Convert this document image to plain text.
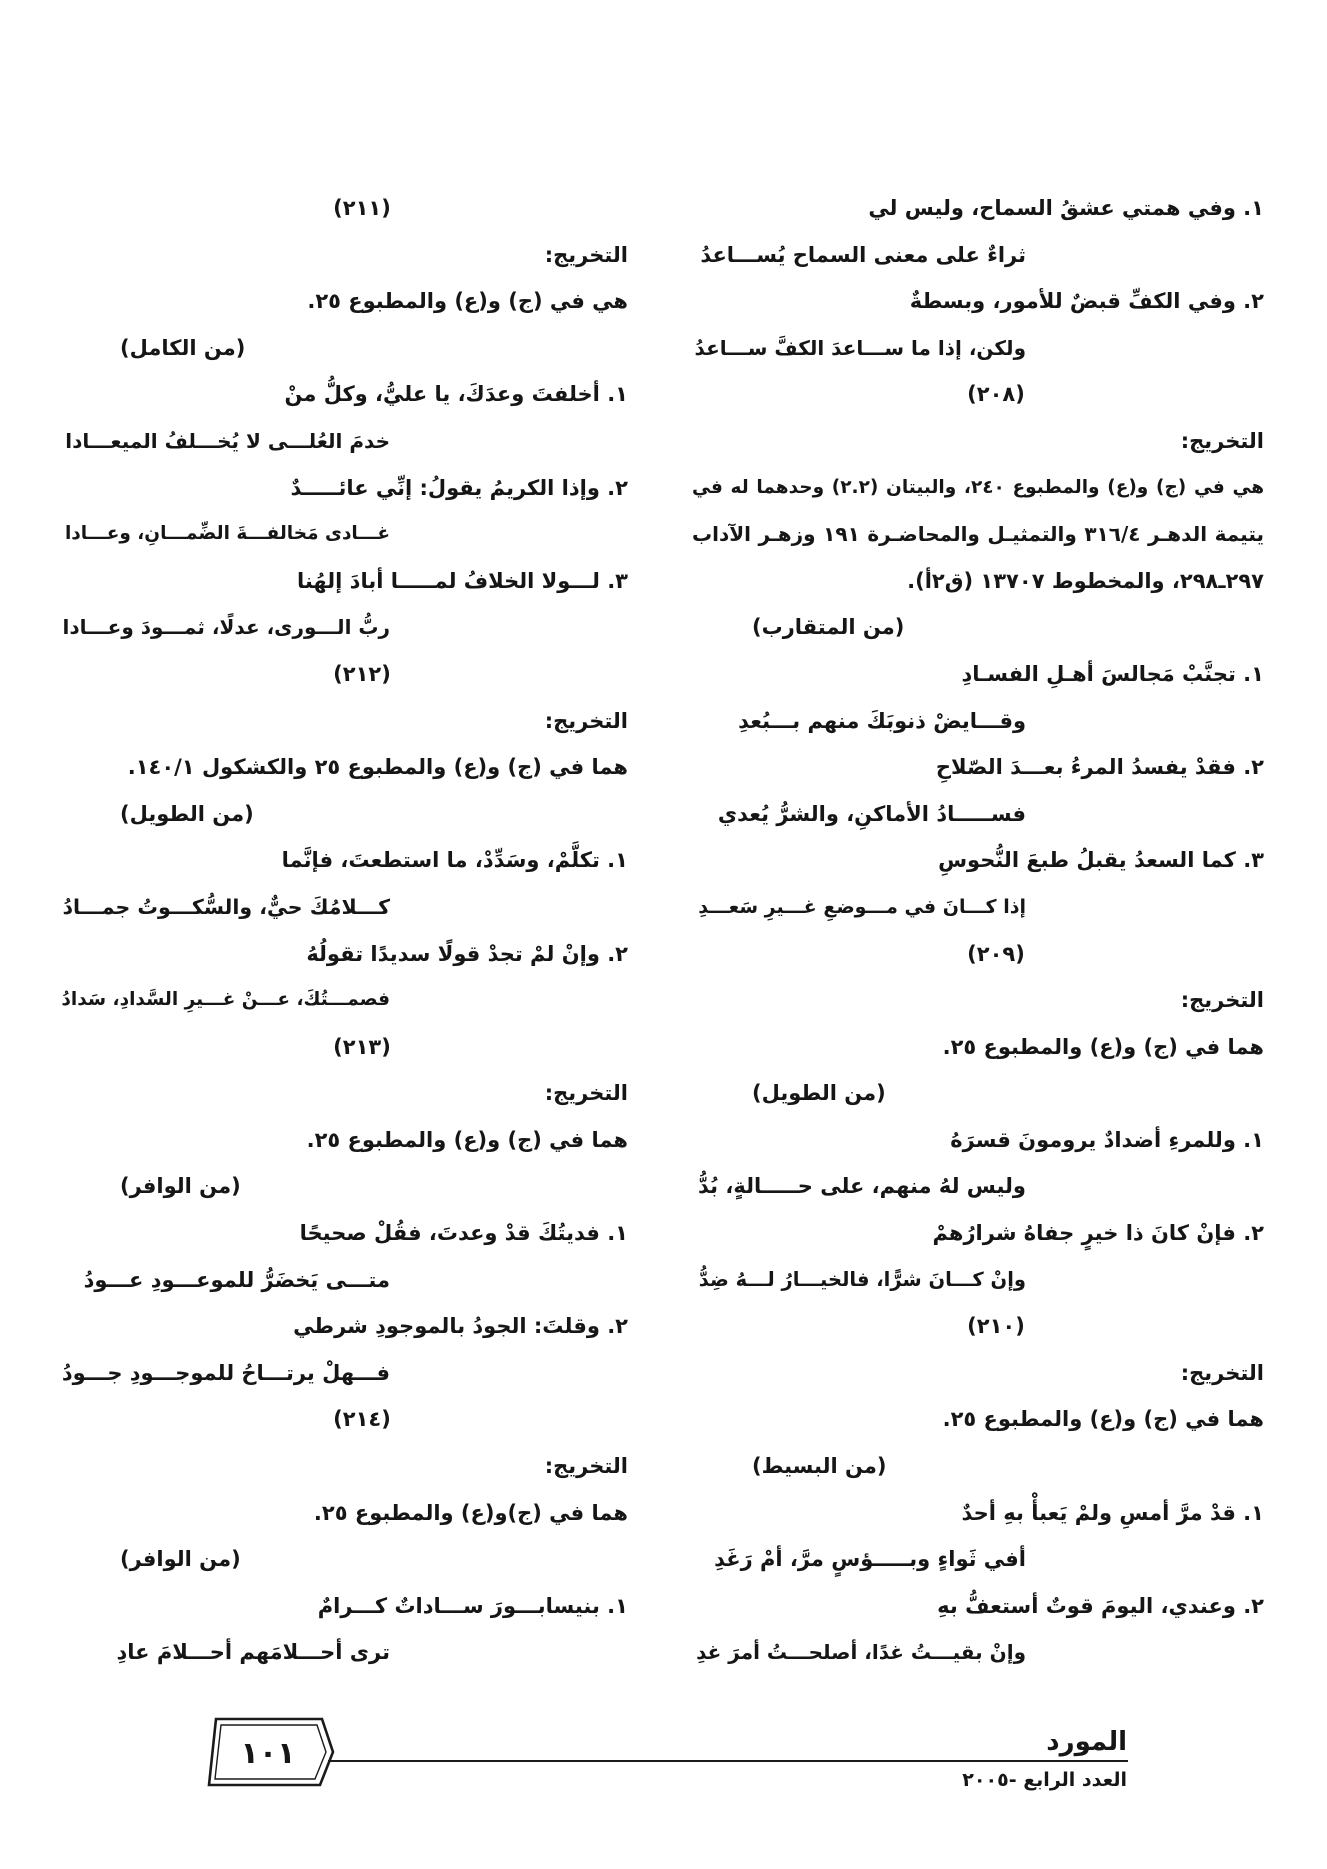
١. وفي همتي عشقُ السماح، وليس لي
ثراءٌ على معنى السماح يُســـاعدُ
٢. وفي الكفِّ قبضٌ للأمور، وبسطةٌ
ولكن، إذا ما ســـاعدَ الكفَّ ســـاعدُ
(٢٠٨)
التخريج:
هي في (ج) و(ع) والمطبوع ٢٤٠، والبيتان (٢.٢) وحدهما له في
يتيمة الدهـر ٣١٦/٤ والتمثيـل والمحاضـرة ١٩١ وزهـر الآداب
٢٩٧ـ٢٩٨، والمخطوط ١٣٧٠٧ (ق٢أ).
(من المتقارب)
١. تجنَّبْ مَجالسَ أهـلِ الفسـادِ
وقـــايضْ ذنوبَكَ منهم بـــبُعدِ
٢. فقدْ يفسدُ المرءُ بعـــدَ الصّلاحِ
فســـــادُ الأماكنِ، والشرُّ يُعدي
٣. كما السعدُ يقبلُ طبعَ النُّحوسِ
إذا كـــانَ في مـــوضعِ غـــيرِ سَعـــدِ
(٢٠٩)
التخريج:
هما في (ج) و(ع) والمطبوع ٢٥.
(من الطويل)
١. وللمرءِ أضدادٌ يرومونَ قسرَهُ
وليس لهُ منهم، على حـــــالةٍ، بُدُّ
٢. فإنْ كانَ ذا خيرٍ جفاهُ شرارُهمْ
وإنْ كـــانَ شرًّا، فالخيـــارُ لـــهُ ضِدُّ
(٢١٠)
التخريج:
هما في (ج) و(ع) والمطبوع ٢٥.
(من البسيط)
١. قدْ مرَّ أمسِ ولمْ يَعبأْ بهِ أحدٌ
أفي ثَواءٍ وبـــــؤسٍ مرَّ، أمْ رَغَدِ
٢. وعندي، اليومَ قوتٌ أستعفُّ بهِ
وإنْ بقيـــتُ غدًا، أصلحـــتُ أمرَ غدِ
(٢١١)
التخريج:
هي في (ج) و(ع) والمطبوع ٢٥.
(من الكامل)
١. أخلفتَ وعدَكَ، يا عليُّ، وكلُّ منْ
خدمَ العُلـــى لا يُخـــلفُ الميعـــادا
٢. وإذا الكريمُ يقولُ: إنِّي عائـــــدٌ
غـــادى مَخالفـــةَ الضِّمـــانِ، وعـــادا
٣. لـــولا الخلافُ لمـــــا أبادَ إلهُنا
ربُّ الـــورى، عدلًا، ثمـــودَ وعـــادا
(٢١٢)
التخريج:
هما في (ج) و(ع) والمطبوع ٢٥ والكشكول ١٤٠/١.
(من الطويل)
١. تكلَّمْ، وسَدِّدْ، ما استطعتَ، فإنَّما
كـــلامُكَ حيٌّ، والسُّكـــوتُ جمـــادُ
٢. وإنْ لمْ تجدْ قولًا سديدًا تقولُهُ
فصمـــتُكَ، عـــنْ غـــيرِ السَّدادِ، سَدادُ
(٢١٣)
التخريج:
هما في (ج) و(ع) والمطبوع ٢٥.
(من الوافر)
١. فديتُكَ قدْ وعدتَ، فقُلْ صحيحًا
متـــى يَخضَرُّ للموعـــودِ عـــودُ
٢. وقلتَ: الجودُ بالموجودِ شرطي
فـــهلْ يرتـــاحُ للموجـــودِ جـــودُ
(٢١٤)
التخريج:
هما في (ج)و(ع) والمطبوع ٢٥.
(من الوافر)
١. بنيسابـــورَ ســـاداتٌ كـــرامٌ
ترى أحـــلامَهم أحـــلامَ عادِ
١٠١	المورد
العدد الرابع -٢٠٠٥
